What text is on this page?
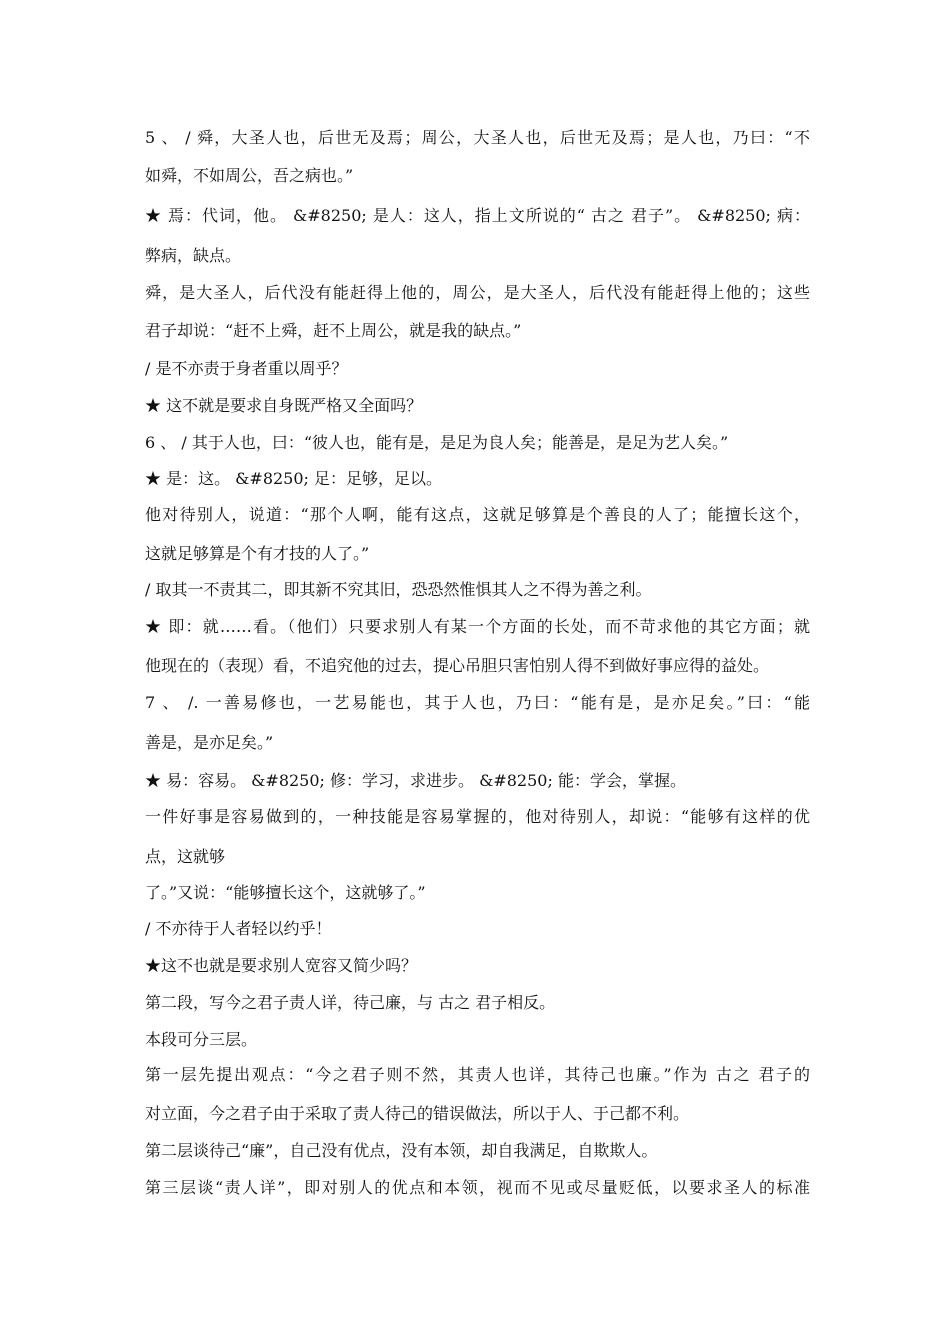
5 、 / 舜，大圣人也，后世无及焉；周公，大圣人也，后世无及焉；是人也，乃曰：“不
如舜，不如周公，吾之病也。”
★ 焉：代词，他。 &#8250; 是人：这人，指上文所说的“ 古之 君子”。 &#8250; 病：
弊病，缺点。
舜，是大圣人，后代没有能赶得上他的，周公，是大圣人，后代没有能赶得上他的；这些
君子却说：“赶不上舜，赶不上周公，就是我的缺点。”
/ 是不亦责于身者重以周乎？
★ 这不就是要求自身既严格又全面吗？
6 、 / 其于人也，曰：“彼人也，能有是，是足为良人矣；能善是，是足为艺人矣。”
★ 是：这。 &#8250; 足：足够，足以。
他对待别人，说道：“那个人啊，能有这点，这就足够算是个善良的人了；能擅长这个，
这就足够算是个有才技的人了。”
/ 取其一不责其二，即其新不究其旧，恐恐然惟惧其人之不得为善之利。
★ 即：就……看。（他们）只要求别人有某一个方面的长处，而不苛求他的其它方面；就
他现在的（表现）看，不追究他的过去，提心吊胆只害怕别人得不到做好事应得的益处。
7 、 /. 一善易修也，一艺易能也，其于人也，乃曰：“能有是，是亦足矣。”曰：“能
善是，是亦足矣。”
★ 易：容易。 &#8250; 修：学习，求进步。 &#8250; 能：学会，掌握。
一件好事是容易做到的，一种技能是容易掌握的，他对待别人，却说：“能够有这样的优
点，这就够
了。”又说：“能够擅长这个，这就够了。”
/ 不亦待于人者轻以约乎！
★这不也就是要求别人宽容又简少吗？
第二段，写今之君子责人详，待己廉，与 古之 君子相反。
本段可分三层。
第一层先提出观点：“今之君子则不然，其责人也详，其待己也廉。”作为 古之 君子的
对立面，今之君子由于采取了责人待己的错误做法，所以于人、于己都不利。
第二层谈待己“廉”，自己没有优点，没有本领，却自我满足，自欺欺人。
第三层谈“责人详”，即对别人的优点和本领，视而不见或尽量贬低，以要求圣人的标准
